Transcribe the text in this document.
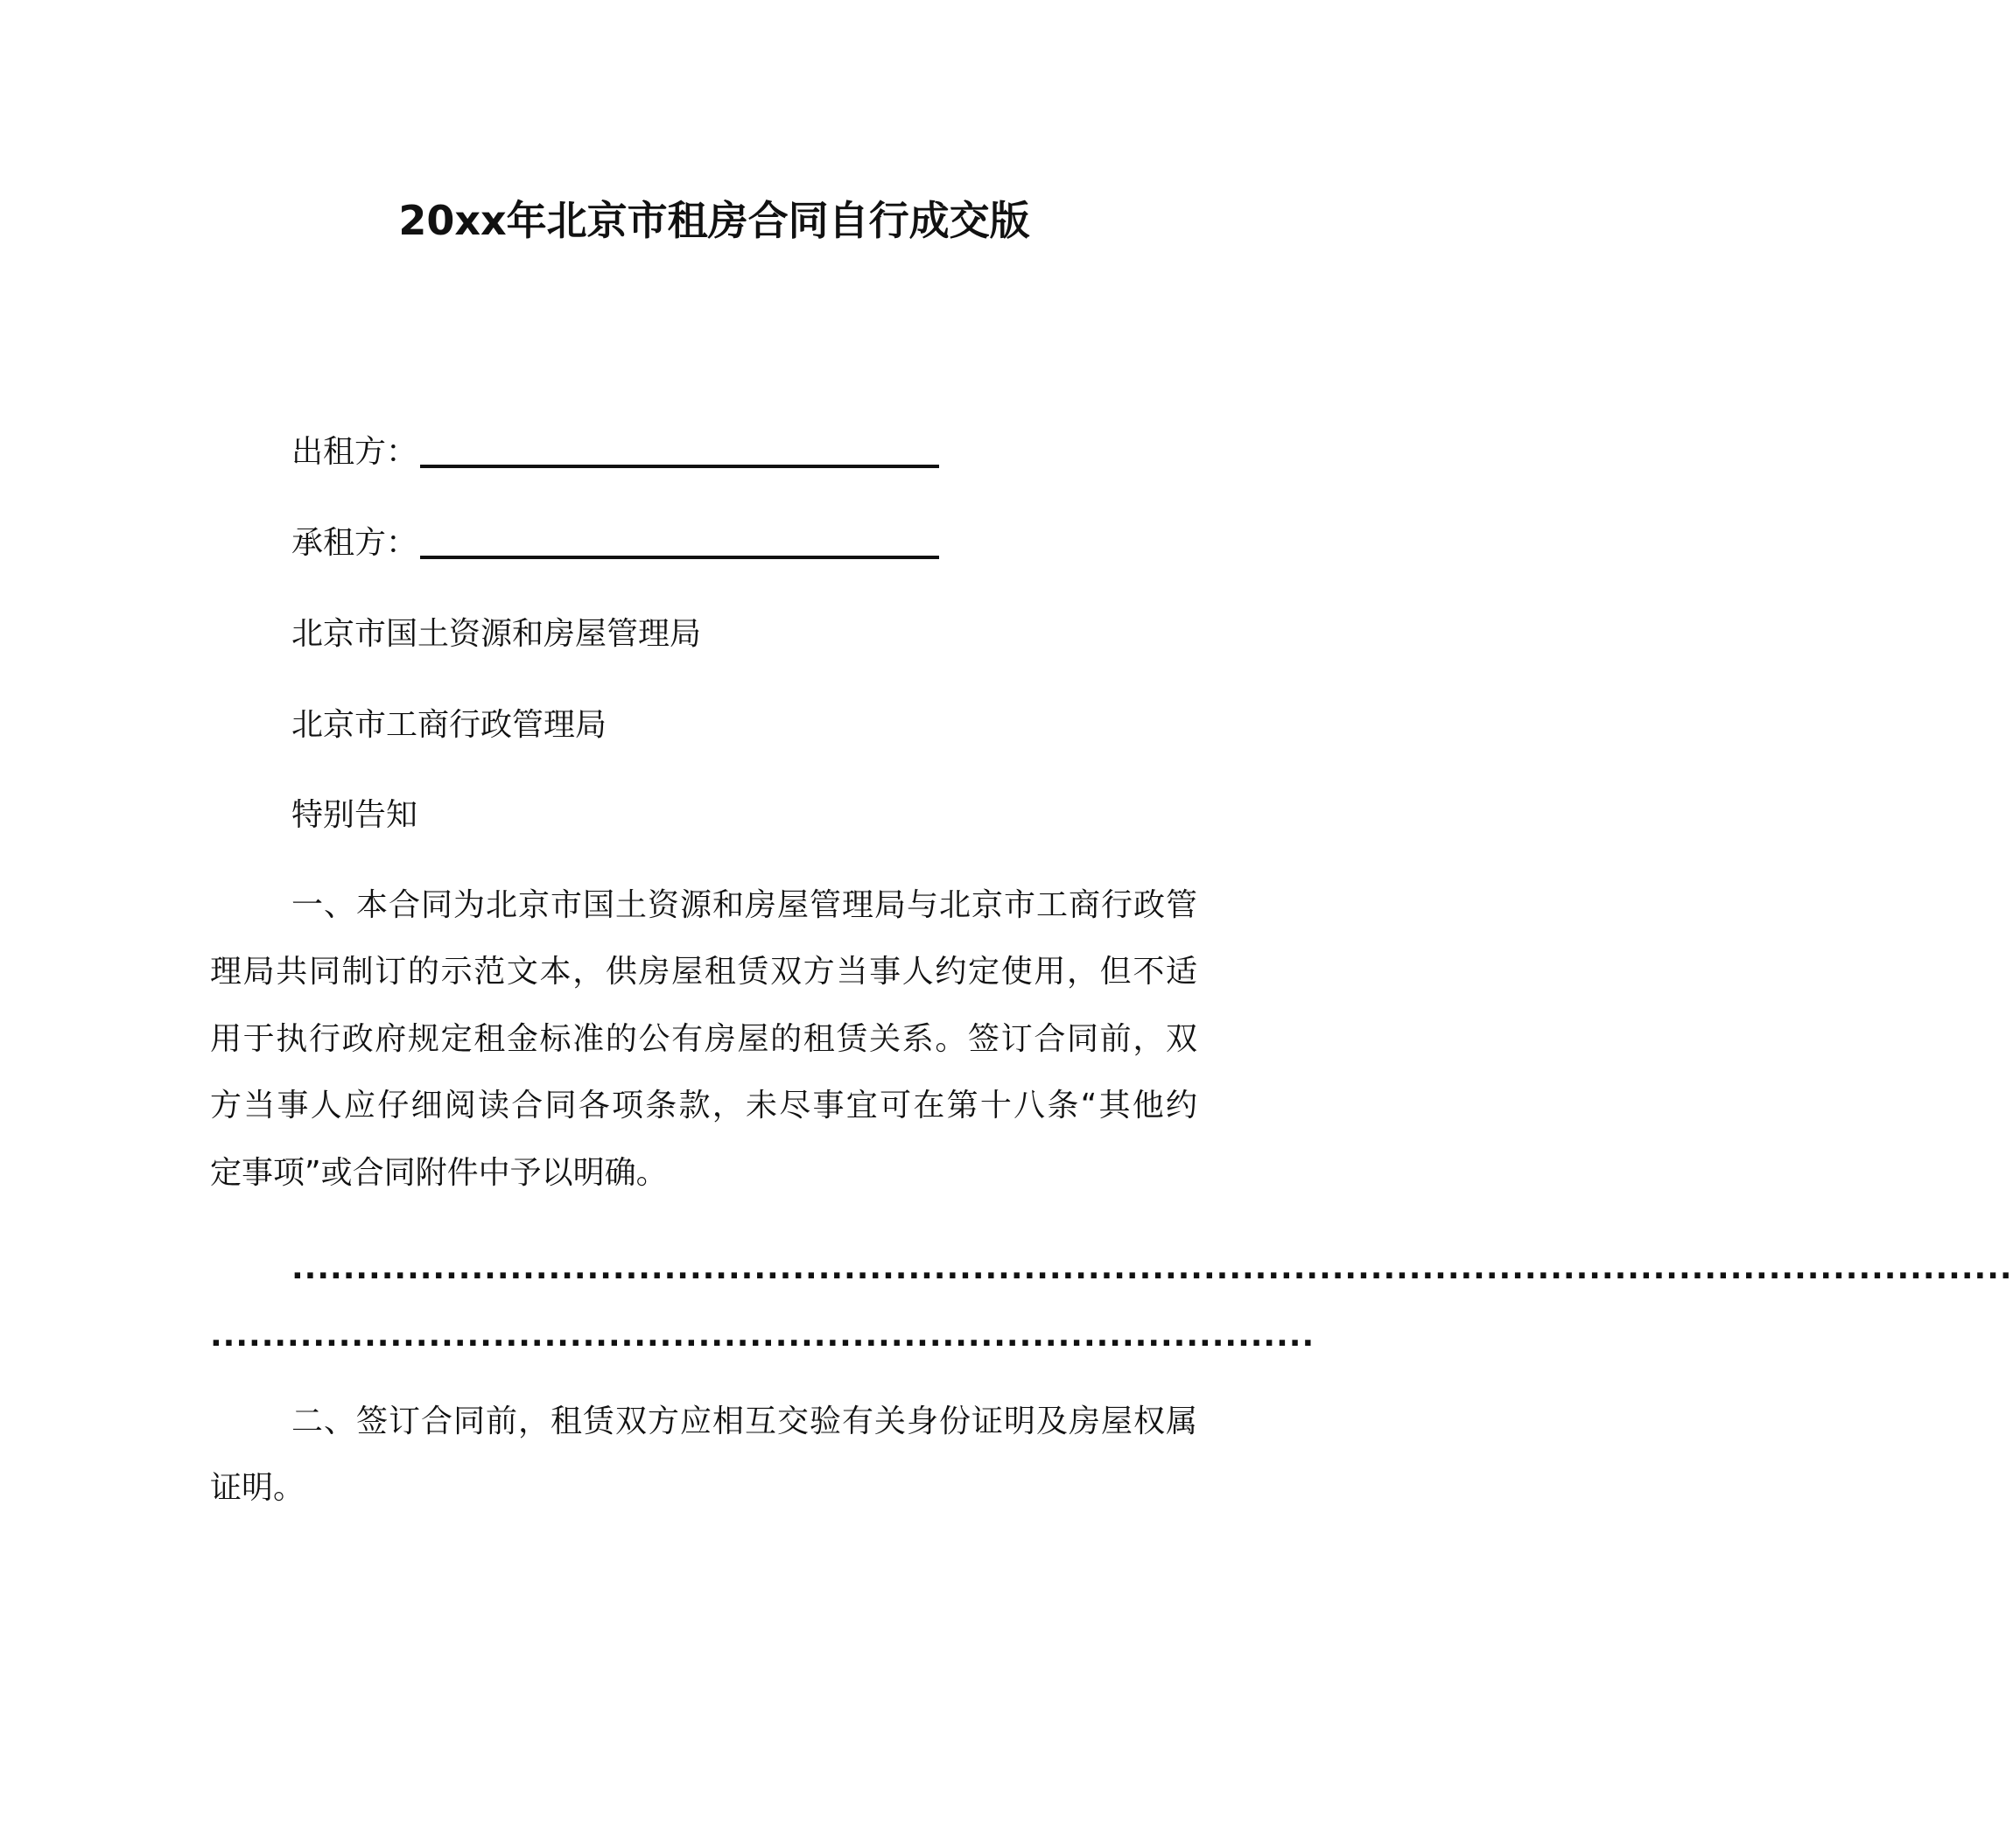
20xx年北京市租房合同自行成交版
出租方：
承租方：
北京市国土资源和房屋管理局
北京市工商行政管理局
特别告知
一、本合同为北京市国土资源和房屋管理局与北京市工商行政管
理局共同制订的示范文本，供房屋租赁双方当事人约定使用，但不适
用于执行政府规定租金标准的公有房屋的租赁关系。签订合同前，双
方当事人应仔细阅读合同各项条款，未尽事宜可在第十八条“其他约
定事项”或合同附件中予以明确。
......................................................................................................................................
......................................................................................
二、签订合同前，租赁双方应相互交验有关身份证明及房屋权属
证明。
